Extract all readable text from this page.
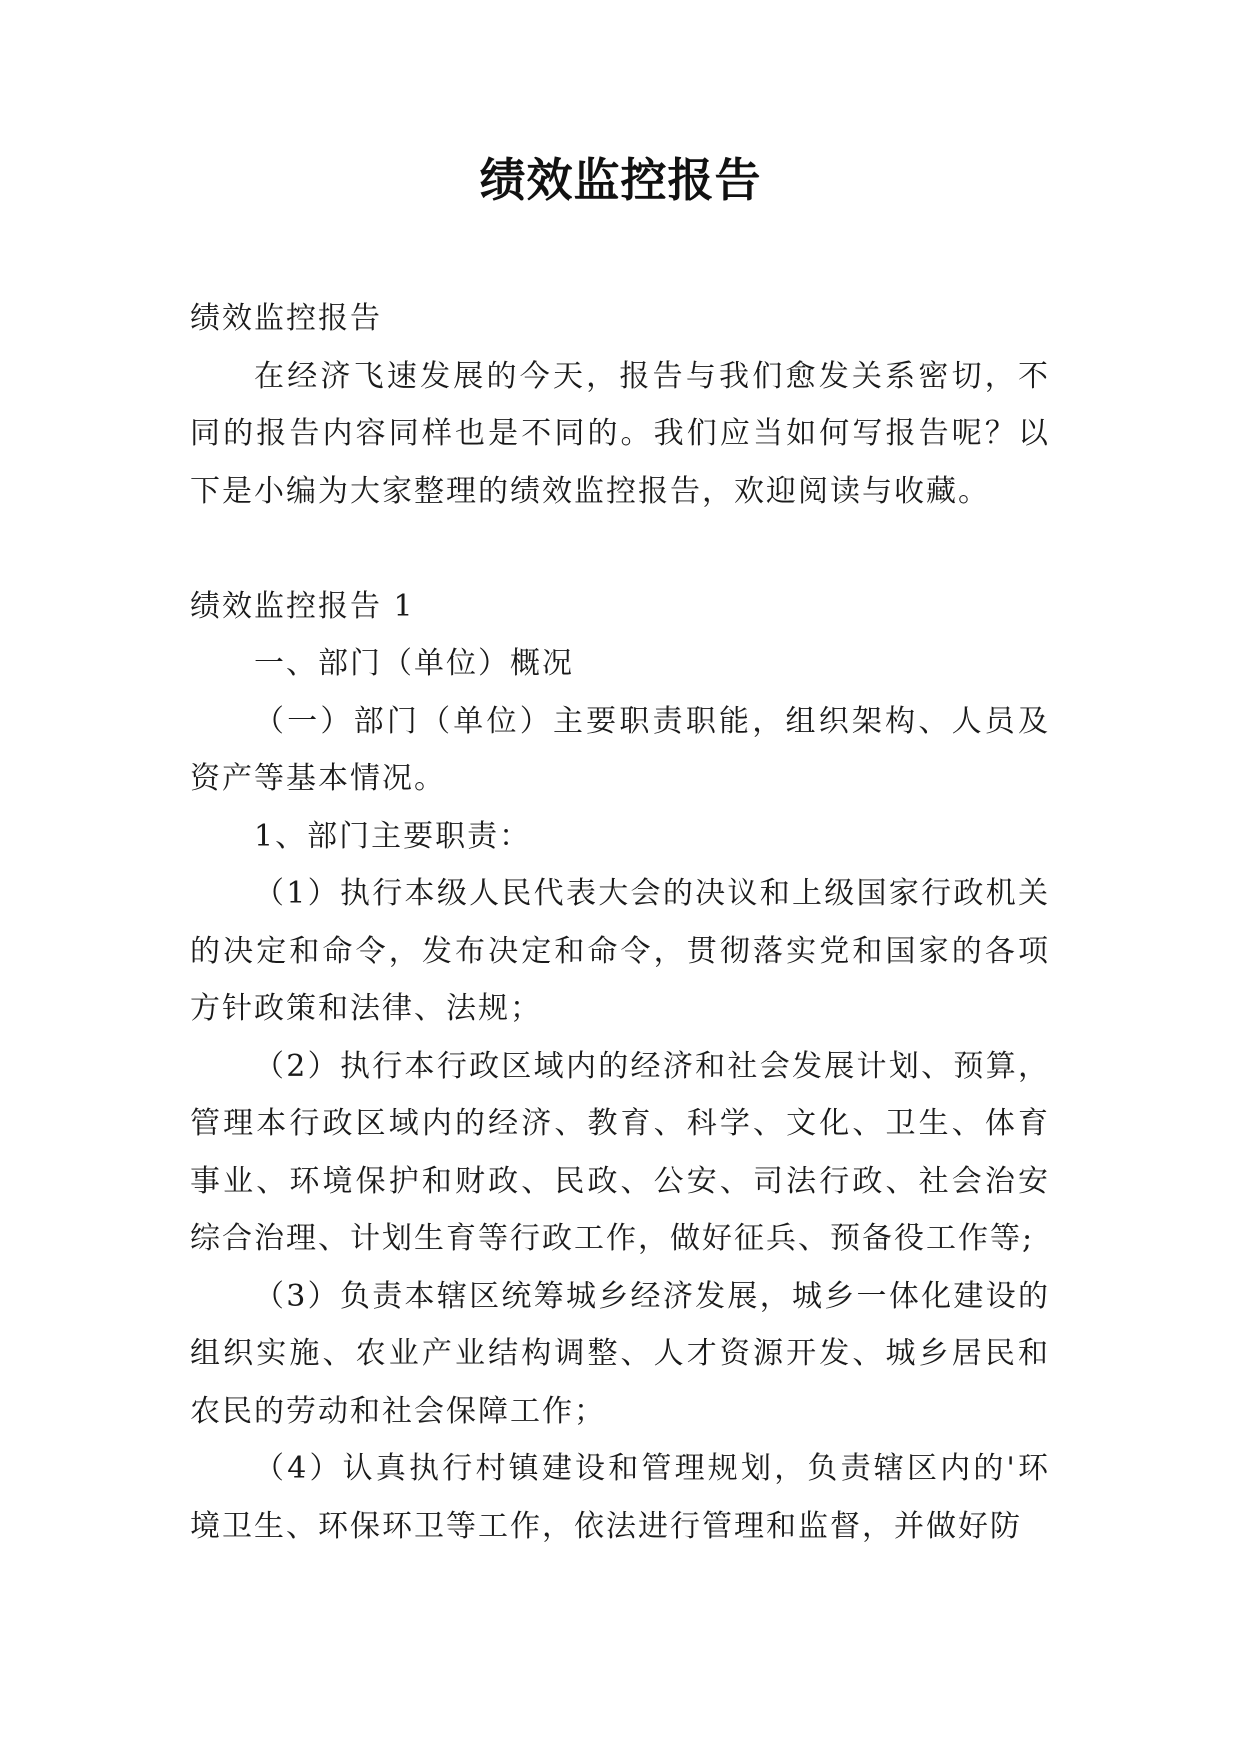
绩效监控报告

绩效监控报告

在经济飞速发展的今天，报告与我们愈发关系密切，不同的报告内容同样也是不同的。我们应当如何写报告呢？以下是小编为大家整理的绩效监控报告，欢迎阅读与收藏。

绩效监控报告 1

一、部门（单位）概况

（一）部门（单位）主要职责职能，组织架构、人员及资产等基本情况。

1、部门主要职责：

（1）执行本级人民代表大会的决议和上级国家行政机关的决定和命令，发布决定和命令，贯彻落实党和国家的各项方针政策和法律、法规；

（2）执行本行政区域内的经济和社会发展计划、预算，管理本行政区域内的经济、教育、科学、文化、卫生、体育事业、环境保护和财政、民政、公安、司法行政、社会治安综合治理、计划生育等行政工作，做好征兵、预备役工作等;

（3）负责本辖区统筹城乡经济发展，城乡一体化建设的组织实施、农业产业结构调整、人才资源开发、城乡居民和农民的劳动和社会保障工作；

（4）认真执行村镇建设和管理规划，负责辖区内的'环境卫生、环保环卫等工作，依法进行管理和监督，并做好防
